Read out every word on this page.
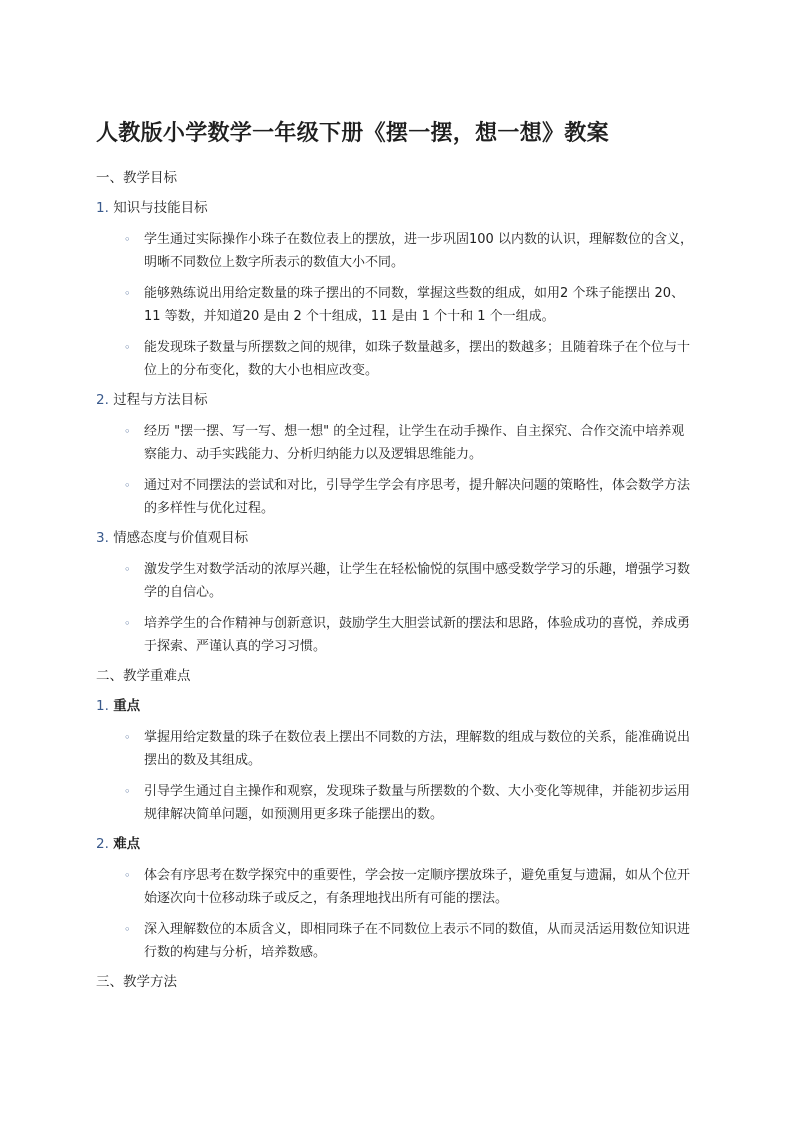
人教版小学数学一年级下册《摆一摆，想一想》教案
一、教学目标
1. 知识与技能目标
◦ 学生通过实际操作小珠子在数位表上的摆放，进一步巩固100 以内数的认识，理解数位的含义，明晰不同数位上数字所表示的数值大小不同。
◦ 能够熟练说出用给定数量的珠子摆出的不同数，掌握这些数的组成，如用2 个珠子能摆出 20、11 等数，并知道20 是由 2 个十组成，11 是由 1 个十和 1 个一组成。
◦ 能发现珠子数量与所摆数之间的规律，如珠子数量越多，摆出的数越多；且随着珠子在个位与十位上的分布变化，数的大小也相应改变。
2. 过程与方法目标
◦ 经历 "摆一摆、写一写、想一想" 的全过程，让学生在动手操作、自主探究、合作交流中培养观察能力、动手实践能力、分析归纳能力以及逻辑思维能力。
◦ 通过对不同摆法的尝试和对比，引导学生学会有序思考，提升解决问题的策略性，体会数学方法的多样性与优化过程。
3. 情感态度与价值观目标
◦ 激发学生对数学活动的浓厚兴趣，让学生在轻松愉悦的氛围中感受数学学习的乐趣，增强学习数学的自信心。
◦ 培养学生的合作精神与创新意识，鼓励学生大胆尝试新的摆法和思路，体验成功的喜悦，养成勇于探索、严谨认真的学习习惯。
二、教学重难点
1. 重点
◦ 掌握用给定数量的珠子在数位表上摆出不同数的方法，理解数的组成与数位的关系，能准确说出摆出的数及其组成。
◦ 引导学生通过自主操作和观察，发现珠子数量与所摆数的个数、大小变化等规律，并能初步运用规律解决简单问题，如预测用更多珠子能摆出的数。
2. 难点
◦ 体会有序思考在数学探究中的重要性，学会按一定顺序摆放珠子，避免重复与遗漏，如从个位开始逐次向十位移动珠子或反之，有条理地找出所有可能的摆法。
◦ 深入理解数位的本质含义，即相同珠子在不同数位上表示不同的数值，从而灵活运用数位知识进行数的构建与分析，培养数感。
三、教学方法
